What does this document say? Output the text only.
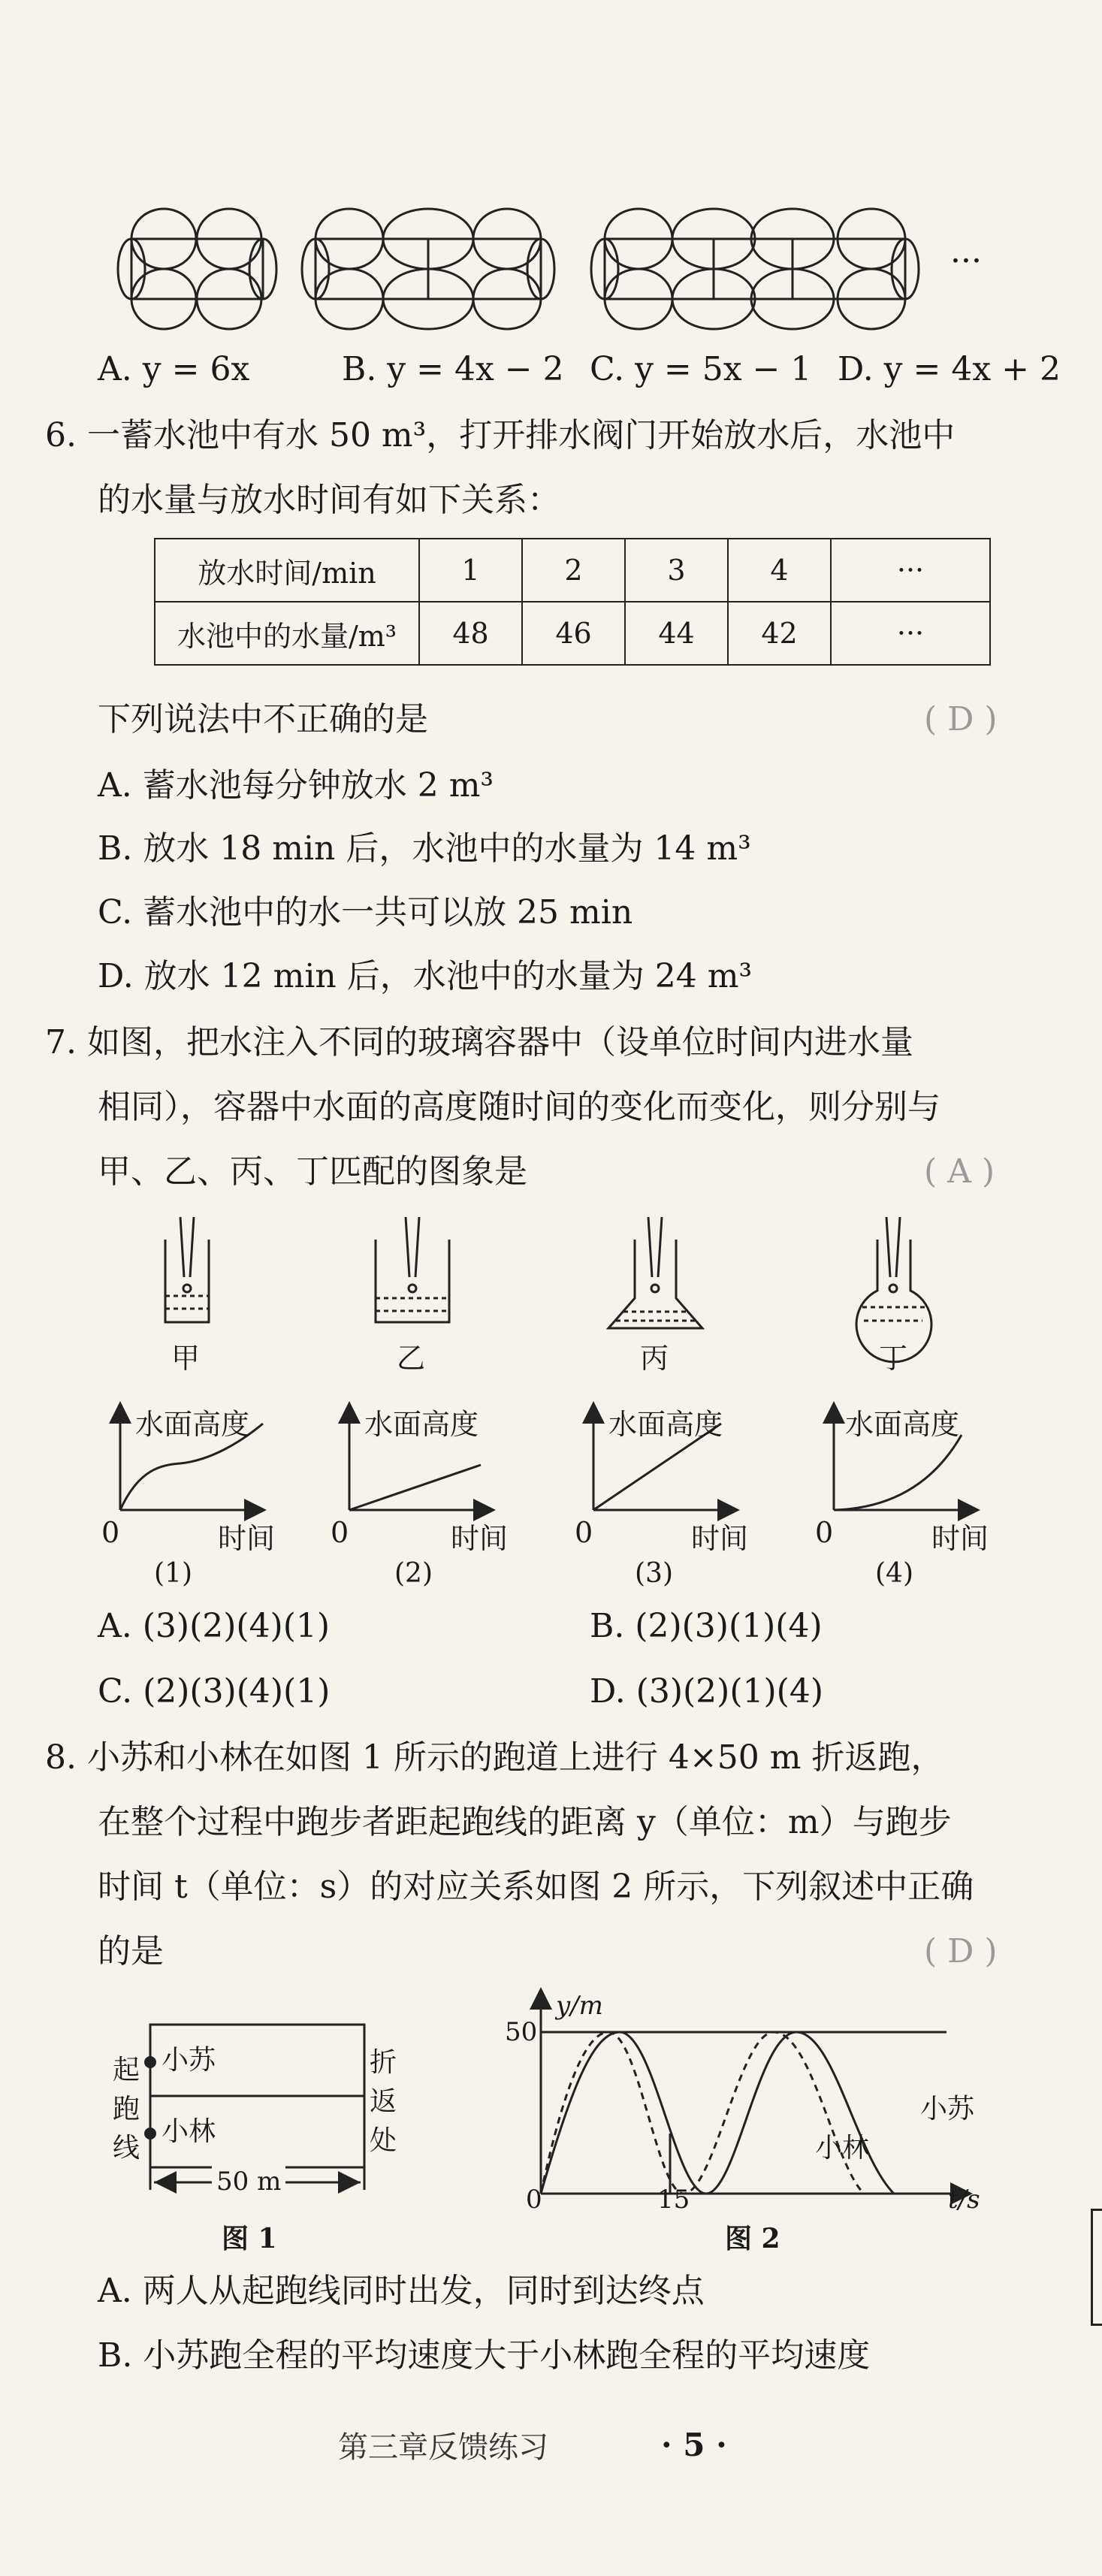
···
A. y = 6x	B. y = 4x − 2 C. y = 5x − 1 D. y = 4x + 2
6. 一蓄水池中有水 50 m³，打开排水阀门开始放水后，水池中
的水量与放水时间有如下关系：
放水时间/min	1	2	3	4	···
水池中的水量/m³	48	46	44	42	···
下列说法中不正确的是	( D )
A. 蓄水池每分钟放水 2 m³
B. 放水 18 min 后，水池中的水量为 14 m³
C. 蓄水池中的水一共可以放 25 min
D. 放水 12 min 后，水池中的水量为 24 m³
7. 如图，把水注入不同的玻璃容器中（设单位时间内进水量
相同），容器中水面的高度随时间的变化而变化，则分别与
甲、乙、丙、丁匹配的图象是	( A )
甲	乙	丙	丁
水面高度	水面高度	水面高度	水面高度
0	0	0	0
时间	时间	时间	时间
(1)	(2)	(3)	(4)
A. (3)(2)(4)(1)	B. (2)(3)(1)(4)
C. (2)(3)(4)(1)	D. (3)(2)(1)(4)
8. 小苏和小林在如图 1 所示的跑道上进行 4×50 m 折返跑，
在整个过程中跑步者距起跑线的距离 y（单位：m）与跑步
时间 t（单位：s）的对应关系如图 2 所示，下列叙述中正确
的是	( D )
小苏
小林
起
跑
线
折
返
处
50 m
图 1
y/m
50
15
0	t/s
小苏
小林
图 2
A. 两人从起跑线同时出发，同时到达终点
B. 小苏跑全程的平均速度大于小林跑全程的平均速度
第三章反馈练习	· 5 ·
